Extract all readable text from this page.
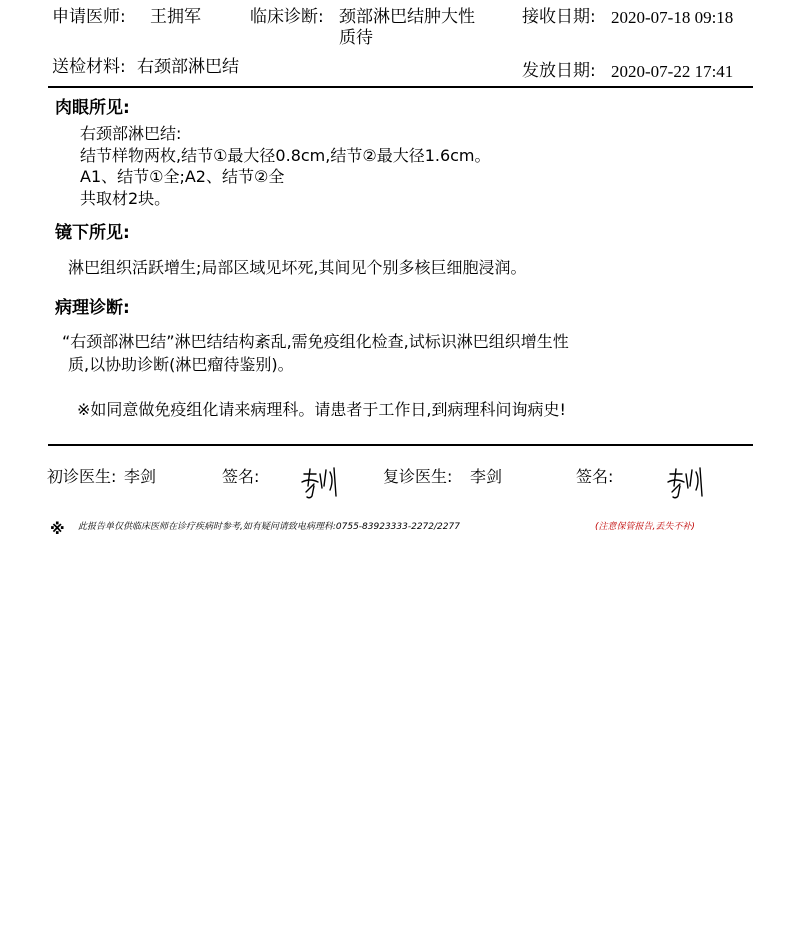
申请医师: 王拥军	临床诊断: 颈部淋巴结肿大性
质待
接收日期: 2020-07-18 09:18
送检材料: 右颈部淋巴结	发放日期: 2020-07-22 17:41
肉眼所见:
右颈部淋巴结:
结节样物两枚,结节①最大径0.8cm,结节②最大径1.6cm。
A1、结节①全;A2、结节②全
共取材2块。
镜下所见:
淋巴组织活跃增生;局部区域见坏死,其间见个别多核巨细胞浸润。
病理诊断:
“右颈部淋巴结”淋巴结结构紊乱,需免疫组化检查,试标识淋巴组织增生性
质,以协助诊断(淋巴瘤待鉴别)。
※如同意做免疫组化请来病理科。请患者于工作日,到病理科问询病史!
初诊医生: 李剑	签名:	复诊医生: 李剑	签名:
※ 此报告单仅供临床医师在诊疗疾病时参考,如有疑问请致电病理科:0755-83923333-2272/2277	(注意保管报告,丢失不补)
